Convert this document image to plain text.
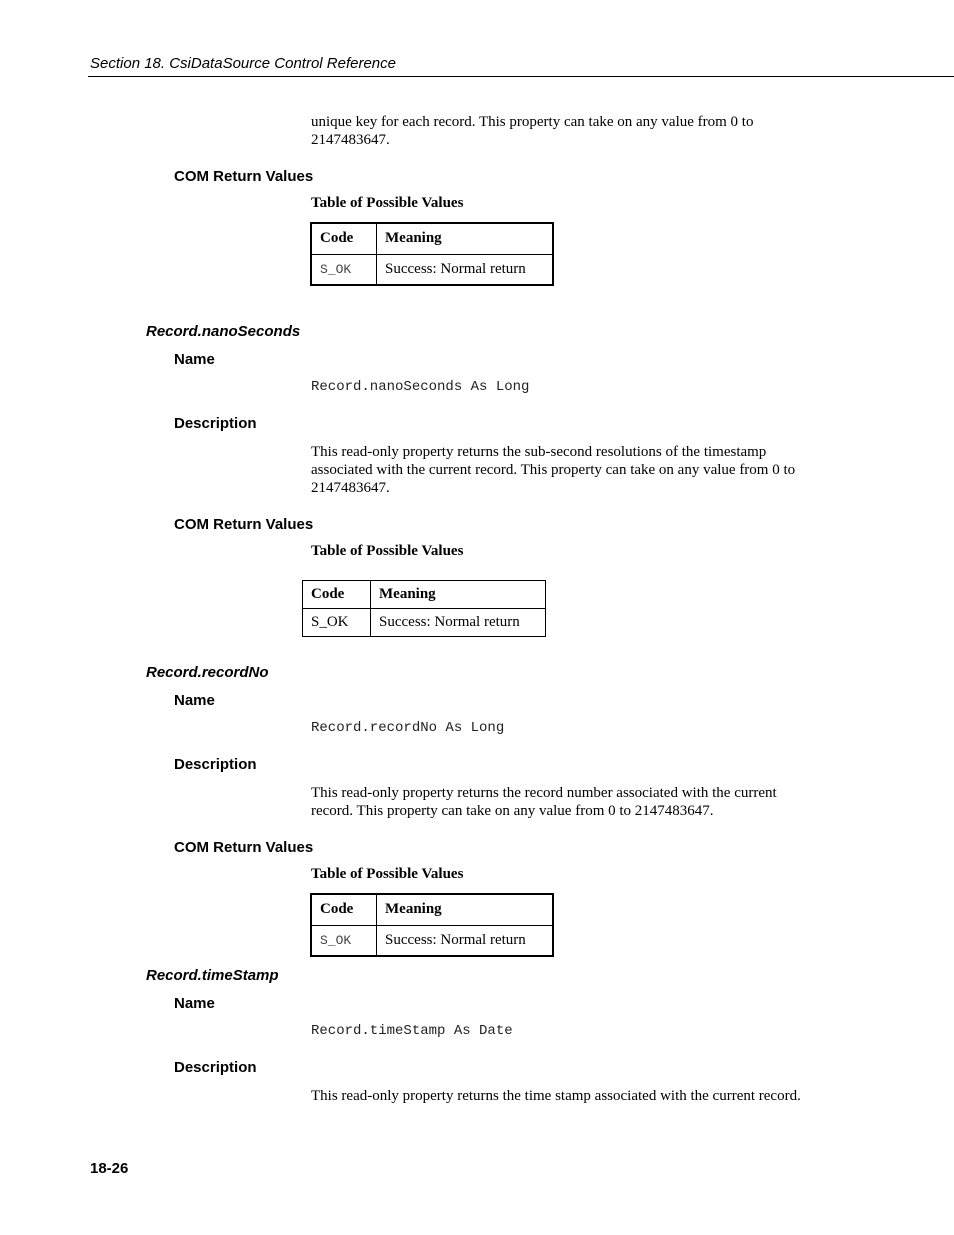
Section 18. CsiDataSource Control Reference

unique key for each record. This property can take on any value from 0 to 2147483647.

COM Return Values
Table of Possible Values
Code	Meaning
S_OK	Success: Normal return
Record.nanoSeconds
Name
Record.nanoSeconds As Long
Description

This read-only property returns the sub-second resolutions of the timestamp associated with the current record. This property can take on any value from 0 to 2147483647.

COM Return Values
Table of Possible Values
Code	Meaning
S_OK	Success: Normal return
Record.recordNo
Name
Record.recordNo As Long
Description

This read-only property returns the record number associated with the current record. This property can take on any value from 0 to 2147483647.

COM Return Values
Table of Possible Values
Code	Meaning
S_OK	Success: Normal return
Record.timeStamp
Name
Record.timeStamp As Date
Description

This read-only property returns the time stamp associated with the current record.

18-26
